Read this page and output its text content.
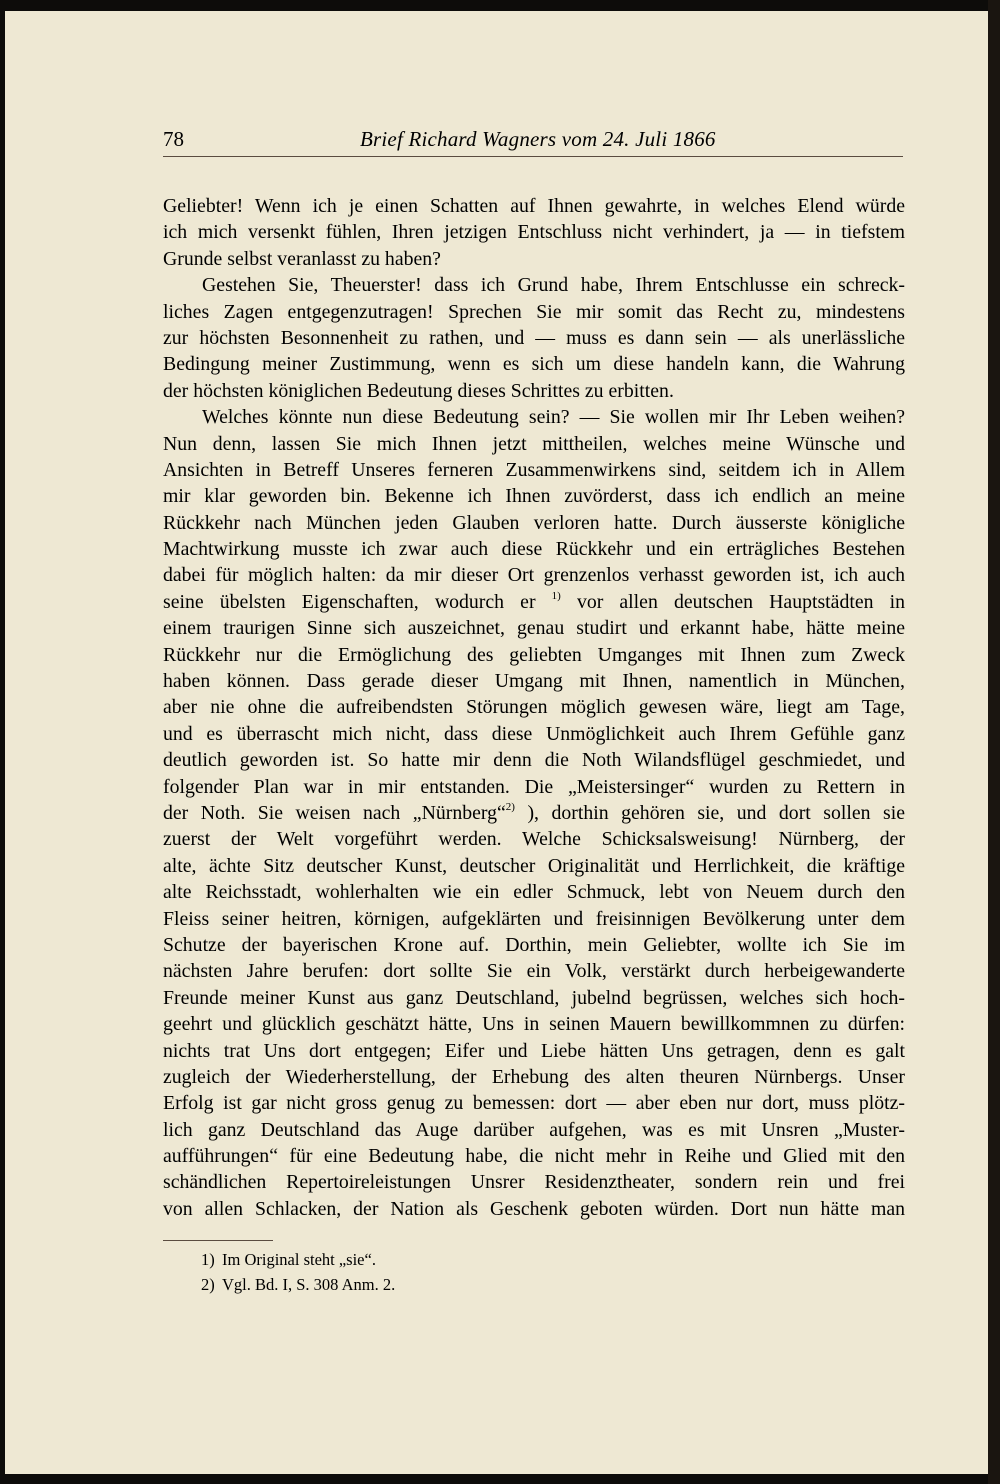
78	Brief Richard Wagners vom 24. Juli 1866
Geliebter! Wenn ich je einen Schatten auf Ihnen gewahrte, in welches Elend würde
ich mich versenkt fühlen, Ihren jetzigen Entschluss nicht verhindert, ja — in tiefstem
Grunde selbst veranlasst zu haben?
Gestehen Sie, Theuerster! dass ich Grund habe, Ihrem Entschlusse ein schreck-
liches Zagen entgegenzutragen! Sprechen Sie mir somit das Recht zu, mindestens
zur höchsten Besonnenheit zu rathen, und — muss es dann sein — als unerlässliche
Bedingung meiner Zustimmung, wenn es sich um diese handeln kann, die Wahrung
der höchsten königlichen Bedeutung dieses Schrittes zu erbitten.
Welches könnte nun diese Bedeutung sein? — Sie wollen mir Ihr Leben weihen?
Nun denn, lassen Sie mich Ihnen jetzt mittheilen, welches meine Wünsche und
Ansichten in Betreff Unseres ferneren Zusammenwirkens sind, seitdem ich in Allem
mir klar geworden bin. Bekenne ich Ihnen zuvörderst, dass ich endlich an meine
Rückkehr nach München jeden Glauben verloren hatte. Durch äusserste königliche
Machtwirkung musste ich zwar auch diese Rückkehr und ein erträgliches Bestehen
dabei für möglich halten: da mir dieser Ort grenzenlos verhasst geworden ist, ich auch
seine übelsten Eigenschaften, wodurch er $^{1)}$ vor allen deutschen Hauptstädten in
einem traurigen Sinne sich auszeichnet, genau studirt und erkannt habe, hätte meine
Rückkehr nur die Ermöglichung des geliebten Umganges mit Ihnen zum Zweck
haben können. Dass gerade dieser Umgang mit Ihnen, namentlich in München,
aber nie ohne die aufreibendsten Störungen möglich gewesen wäre, liegt am Tage,
und es überrascht mich nicht, dass diese Unmöglichkeit auch Ihrem Gefühle ganz
deutlich geworden ist. So hatte mir denn die Noth Wilandsflügel geschmiedet, und
folgender Plan war in mir entstanden. Die „Meistersinger“ wurden zu Rettern in
der Noth. Sie weisen nach „Nürnberg“$^{2)}$ ), dorthin gehören sie, und dort sollen sie
zuerst der Welt vorgeführt werden. Welche Schicksalsweisung! Nürnberg, der
alte, ächte Sitz deutscher Kunst, deutscher Originalität und Herrlichkeit, die kräftige
alte Reichsstadt, wohlerhalten wie ein edler Schmuck, lebt von Neuem durch den
Fleiss seiner heitren, körnigen, aufgeklärten und freisinnigen Bevölkerung unter dem
Schutze der bayerischen Krone auf. Dorthin, mein Geliebter, wollte ich Sie im
nächsten Jahre berufen: dort sollte Sie ein Volk, verstärkt durch herbeigewanderte
Freunde meiner Kunst aus ganz Deutschland, jubelnd begrüssen, welches sich hoch-
geehrt und glücklich geschätzt hätte, Uns in seinen Mauern bewillkommnen zu dürfen:
nichts trat Uns dort entgegen; Eifer und Liebe hätten Uns getragen, denn es galt
zugleich der Wiederherstellung, der Erhebung des alten theuren Nürnbergs. Unser
Erfolg ist gar nicht gross genug zu bemessen: dort — aber eben nur dort, muss plötz-
lich ganz Deutschland das Auge darüber aufgehen, was es mit Unsren „Muster-
aufführungen“ für eine Bedeutung habe, die nicht mehr in Reihe und Glied mit den
schändlichen Repertoireleistungen Unsrer Residenztheater, sondern rein und frei
von allen Schlacken, der Nation als Geschenk geboten würden. Dort nun hätte man
1) Im Original steht „sie“.
2) Vgl. Bd. I, S. 308 Anm. 2.
